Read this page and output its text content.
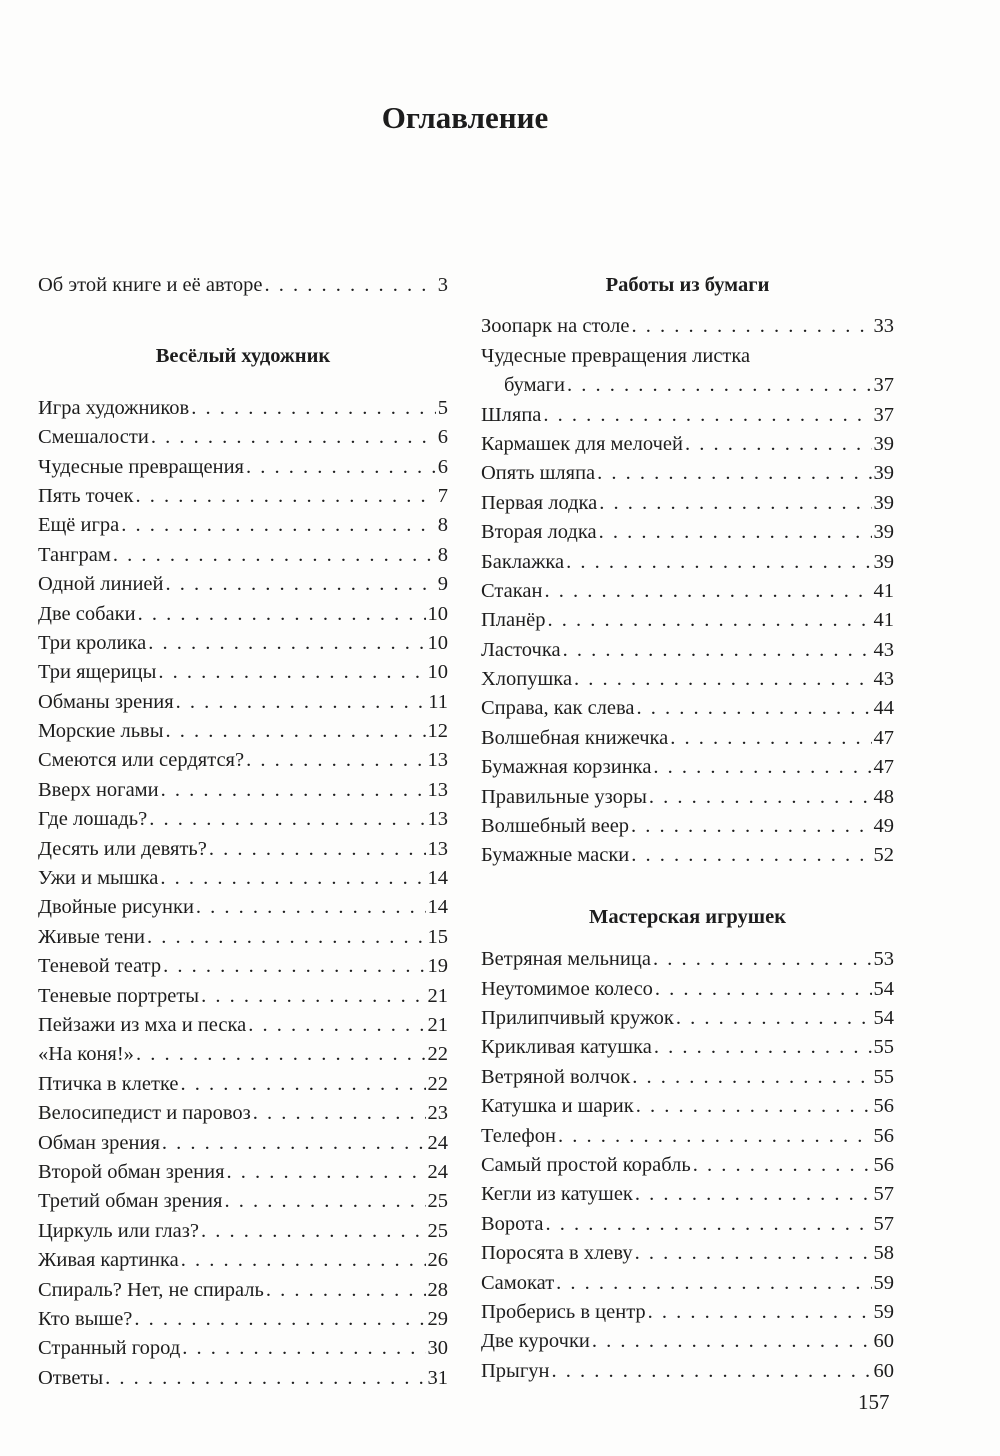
Оглавление
Об этой книге и её авторе . . .	3
Весёлый художник
Игра художников . . .	5
Смешалости . . .	6
Чудесные превращения . . .	6
Пять точек . . .	7
Ещё игра . . .	8
Танграм . . .	8
Одной линией . . .	9
Две собаки . . .	10
Три кролика . . .	10
Три ящерицы . . .	10
Обманы зрения . . .	11
Морские львы . . .	12
Смеются или сердятся? . . .	13
Вверх ногами . . .	13
Где лошадь? . . .	13
Десять или девять? . . .	13
Ужи и мышка . . .	14
Двойные рисунки . . .	14
Живые тени . . .	15
Теневой театр . . .	19
Теневые портреты . . .	21
Пейзажи из мха и песка . . .	21
«На коня!» . . .	22
Птичка в клетке . . .	22
Велосипедист и паровоз . . .	23
Обман зрения . . .	24
Второй обман зрения . . .	24
Третий обман зрения . . .	25
Циркуль или глаз? . . .	25
Живая картинка . . .	26
Спираль? Нет, не спираль . . .	28
Кто выше? . . .	29
Странный город . . .	30
Ответы . . .	31
Работы из бумаги
Зоопарк на столе . . .	33
Чудесные превращения листка
бумаги . . .	37
Шляпа . . .	37
Кармашек для мелочей . . .	39
Опять шляпа . . .	39
Первая лодка . . .	39
Вторая лодка . . .	39
Баклажка . . .	39
Стакан . . .	41
Планёр . . .	41
Ласточка . . .	43
Хлопушка . . .	43
Справа, как слева . . .	44
Волшебная книжечка . . .	47
Бумажная корзинка . . .	47
Правильные узоры . . .	48
Волшебный веер . . .	49
Бумажные маски . . .	52
Мастерская игрушек
Ветряная мельница . . .	53
Неутомимое колесо . . .	54
Прилипчивый кружок . . .	54
Крикливая катушка . . .	55
Ветряной волчок . . .	55
Катушка и шарик . . .	56
Телефон . . .	56
Самый простой корабль . . .	56
Кегли из катушек . . .	57
Ворота . . .	57
Поросята в хлеву . . .	58
Самокат . . .	59
Проберись в центр . . .	59
Две курочки . . .	60
Прыгун . . .	60
157
